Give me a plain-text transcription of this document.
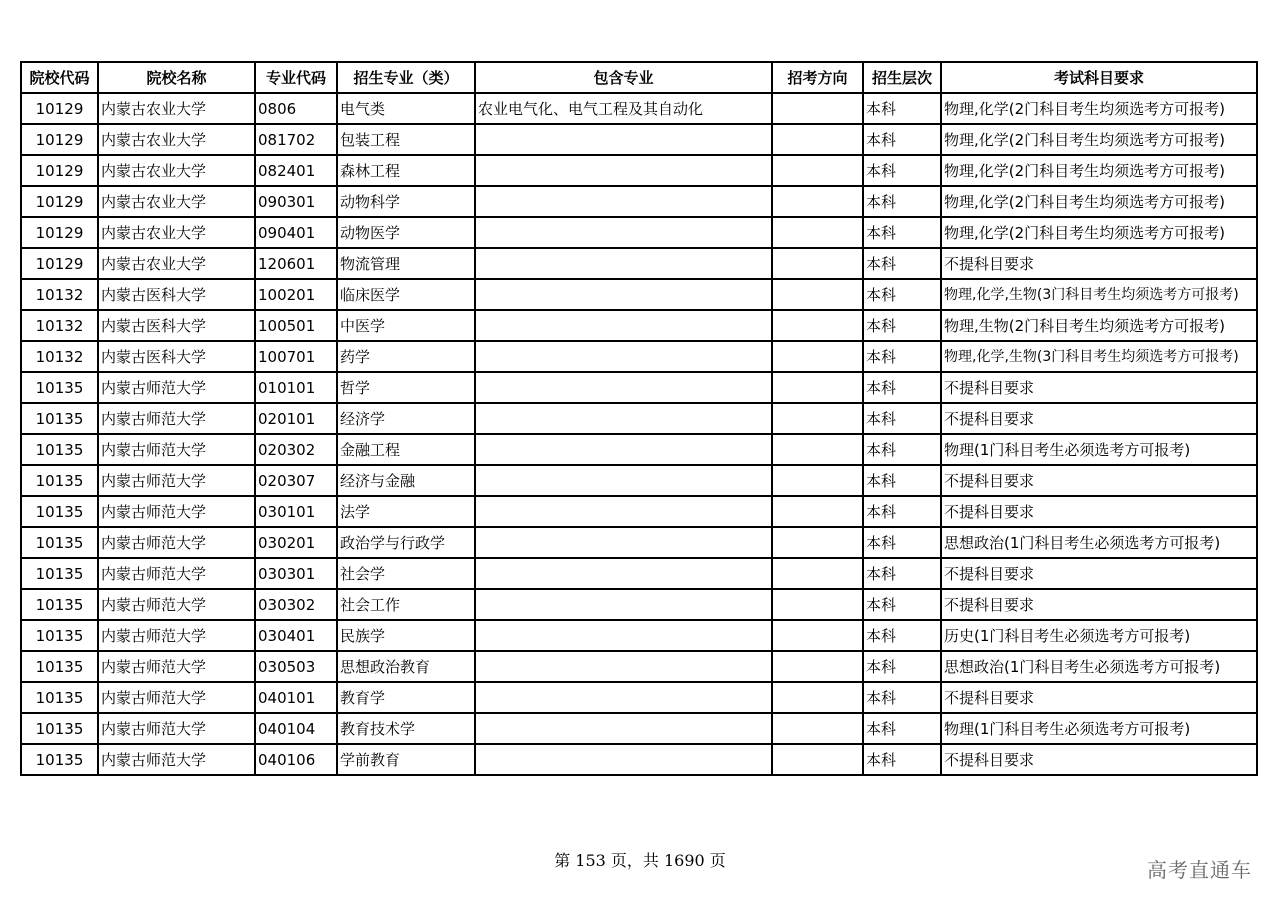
院校代码	院校名称	专业代码	招生专业（类）	包含专业	招考方向	招生层次	考试科目要求
10129	内蒙古农业大学	0806	电气类	农业电气化、电气工程及其自动化		本科	物理,化学(2门科目考生均须选考方可报考)
10129	内蒙古农业大学	081702	包装工程			本科	物理,化学(2门科目考生均须选考方可报考)
10129	内蒙古农业大学	082401	森林工程			本科	物理,化学(2门科目考生均须选考方可报考)
10129	内蒙古农业大学	090301	动物科学			本科	物理,化学(2门科目考生均须选考方可报考)
10129	内蒙古农业大学	090401	动物医学			本科	物理,化学(2门科目考生均须选考方可报考)
10129	内蒙古农业大学	120601	物流管理			本科	不提科目要求
10132	内蒙古医科大学	100201	临床医学			本科	物理,化学,生物(3门科目考生均须选考方可报考)
10132	内蒙古医科大学	100501	中医学			本科	物理,生物(2门科目考生均须选考方可报考)
10132	内蒙古医科大学	100701	药学			本科	物理,化学,生物(3门科目考生均须选考方可报考)
10135	内蒙古师范大学	010101	哲学			本科	不提科目要求
10135	内蒙古师范大学	020101	经济学			本科	不提科目要求
10135	内蒙古师范大学	020302	金融工程			本科	物理(1门科目考生必须选考方可报考)
10135	内蒙古师范大学	020307	经济与金融			本科	不提科目要求
10135	内蒙古师范大学	030101	法学			本科	不提科目要求
10135	内蒙古师范大学	030201	政治学与行政学			本科	思想政治(1门科目考生必须选考方可报考)
10135	内蒙古师范大学	030301	社会学			本科	不提科目要求
10135	内蒙古师范大学	030302	社会工作			本科	不提科目要求
10135	内蒙古师范大学	030401	民族学			本科	历史(1门科目考生必须选考方可报考)
10135	内蒙古师范大学	030503	思想政治教育			本科	思想政治(1门科目考生必须选考方可报考)
10135	内蒙古师范大学	040101	教育学			本科	不提科目要求
10135	内蒙古师范大学	040104	教育技术学			本科	物理(1门科目考生必须选考方可报考)
10135	内蒙古师范大学	040106	学前教育			本科	不提科目要求
第 153 页，共 1690 页	高考直通车
